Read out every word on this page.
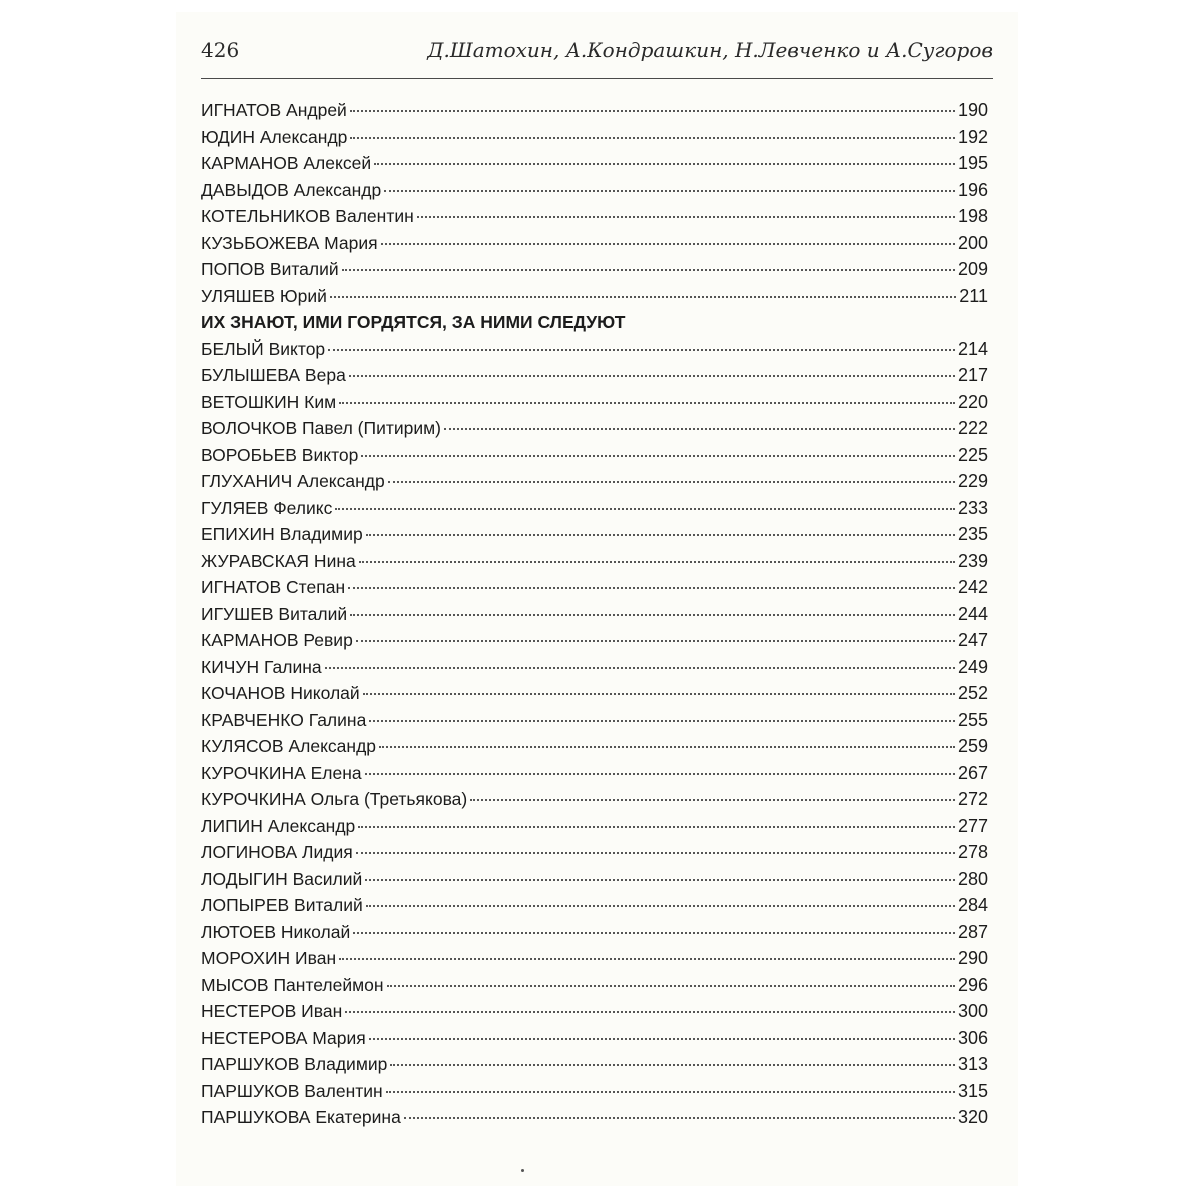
426	Д.Шатохин, А.Кондрашкин, Н.Левченко и А.Сугоров
ИГНАТОВ Андрей	190
ЮДИН Александр	192
КАРМАНОВ Алексей	195
ДАВЫДОВ Александр	196
КОТЕЛЬНИКОВ Валентин	198
КУЗЬБОЖЕВА Мария	200
ПОПОВ Виталий	209
УЛЯШЕВ Юрий	211
ИХ ЗНАЮТ, ИМИ ГОРДЯТСЯ, ЗА НИМИ СЛЕДУЮТ
БЕЛЫЙ Виктор	214
БУЛЫШЕВА Вера	217
ВЕТОШКИН Ким	220
ВОЛОЧКОВ Павел (Питирим)	222
ВОРОБЬЕВ Виктор	225
ГЛУХАНИЧ Александр	229
ГУЛЯЕВ Феликс	233
ЕПИХИН Владимир	235
ЖУРАВСКАЯ Нина	239
ИГНАТОВ Степан	242
ИГУШЕВ Виталий	244
КАРМАНОВ Ревир	247
КИЧУН Галина	249
КОЧАНОВ Николай	252
КРАВЧЕНКО Галина	255
КУЛЯСОВ Александр	259
КУРОЧКИНА Елена	267
КУРОЧКИНА Ольга (Третьякова)	272
ЛИПИН Александр	277
ЛОГИНОВА Лидия	278
ЛОДЫГИН Василий	280
ЛОПЫРЕВ Виталий	284
ЛЮТОЕВ Николай	287
МОРОХИН Иван	290
МЫСОВ Пантелеймон	296
НЕСТЕРОВ Иван	300
НЕСТЕРОВА Мария	306
ПАРШУКОВ Владимир	313
ПАРШУКОВ Валентин	315
ПАРШУКОВА Екатерина	320
